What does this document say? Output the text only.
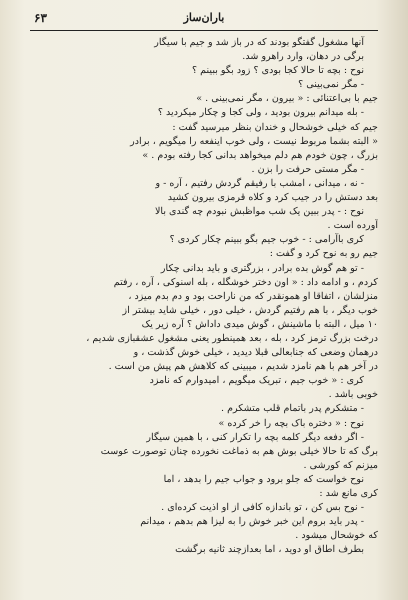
باران‌ساز
۶۳
آنها مشغول گفتگو بودند که در باز شد و جیم با سیگار
برگی در دهان، وارد راهرو شد.
نوح : بچه تا حالا کجا بودی ؟ زود بگو ببینم ؟
- مگر نمی‌بینی ؟
جیم با بی‌اعتنائی : « بیرون ، مگر نمی‌بینی . »
- بله میدانم بیرون بودید ، ولی کجا و چکار میکردید ؟
جیم که خیلی خوشحال و خندان بنظر میرسید گفت :
« البته بشما مربوط نیست ، ولی خوب اینفعه را میگویم ، برادر
بزرگ ، چون خودم هم دلم میخواهد بدانی کجا رفته بودم . »
- مگر مستی حرفت را بزن .
- نه ، میدانی ، امشب با رفیقم گردش رفتیم ، آره - و
بعد دستش را در جیب کرد و کلاه قرمزی بیرون کشید
نوح : - پدر ببین یک شب مواظبش نبودم چه گندی بالا
آورده است .
کری باآرامی : - خوب جیم بگو ببینم چکار کردی ؟
جیم رو به نوح کرد و گفت :
- تو هم گوش بده برادر ، بزرگتری و باید بدانی چکار
کردم ، و ادامه داد : « اون دختر خوشگله ، بله اسنوکی ، آره ، رفتم
منزلشان ، اتفاقا او همونقدر که من ناراحت بود و دم بدم میزد ،
خوب دیگر ، با هم رفتیم گردش ، خیلی دور ، خیلی شاید بیشتر از
۱۰ میل ، البته با ماشینش ، گوش میدی داداش ؟ آره زیر یک
درخت بزرگ ترمز کرد ، بله ، بعد همینطور یعنی مشغول عشقبازی شدیم ،
درهمان وضعی که جنابعالی قبلا دیدید ، خیلی خوش گذشت ، و
در آخر هم با هم نامزد شدیم ، میبینی که کلاهش هم پیش من است .
کری : « خوب جیم ، تبریک میگویم ، امیدوارم که نامزد
خوبی باشد .
- متشکرم پدر باتمام قلب متشکرم .
نوح : « دختره باک بچه را خر کرده »
- اگر دفعه دیگر کلمه بچه را تکرار کنی ، با همین سیگار
برگ که تا حالا خیلی بوش هم به ذماغت نخورده چنان توصورت عوست
میزنم که کورشی .
نوح خواست که جلو برود و جواب جیم را بدهد ، اما
کری مانع شد :
- نوح بس کن ، تو باندازه کافی از او اذیت کرده‌ای .
- پدر باید بروم این خبر خوش را به لیزا هم بدهم ، میدانم
که خوشحال میشود .
بطرف اطاق او دوید ، اما بعدازچند ثانیه برگشت
